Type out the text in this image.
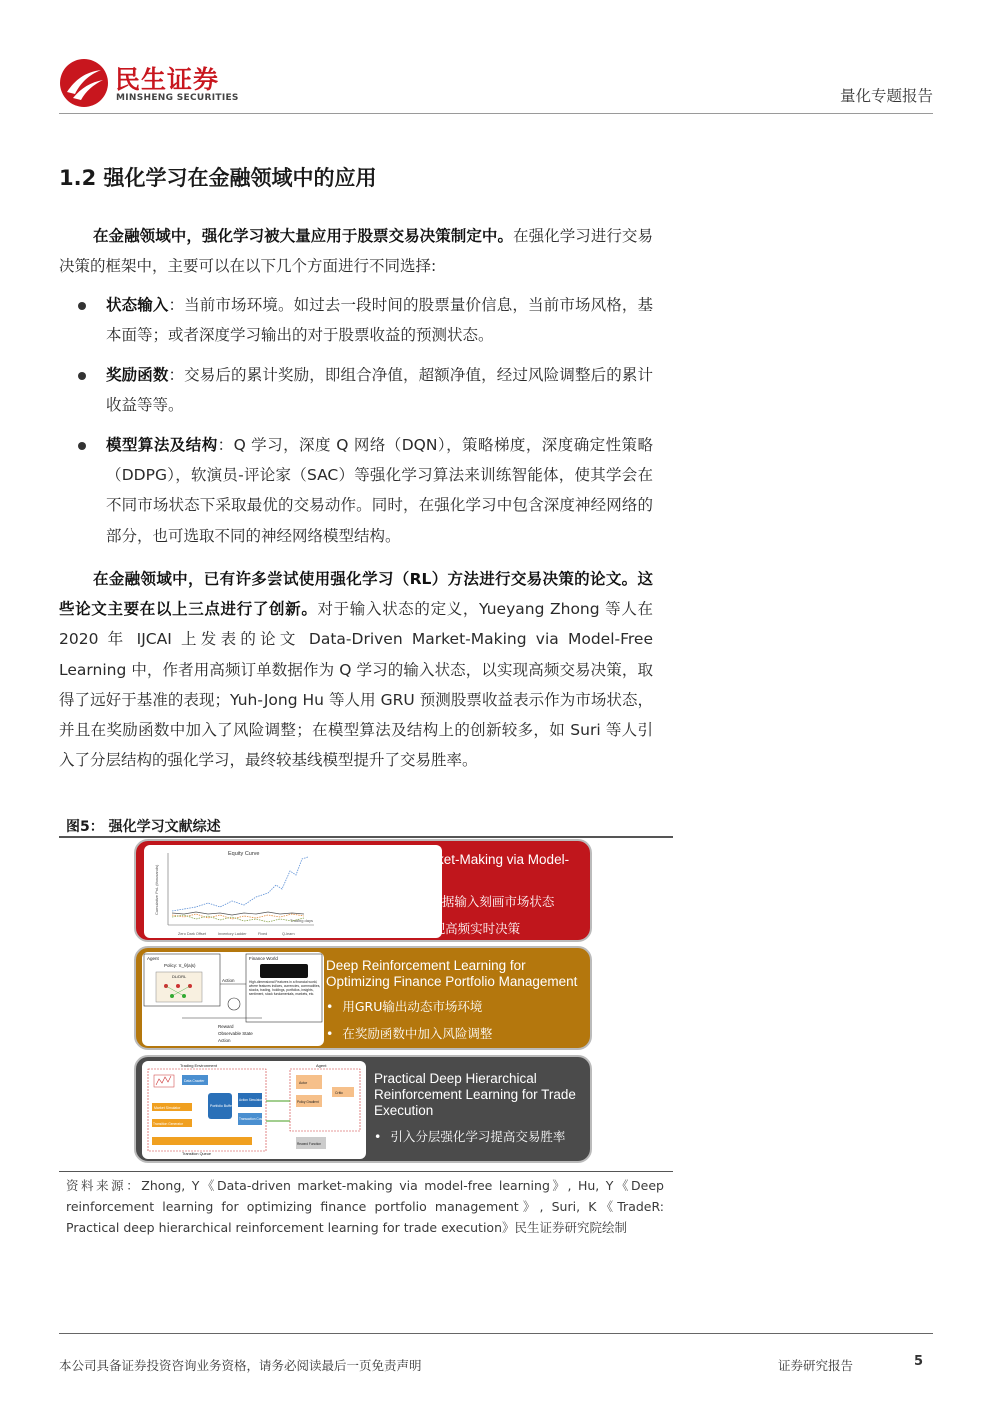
民生证券
MINSHENG SECURITIES	量化专题报告
1.2 强化学习在金融领域中的应用

在金融领域中，强化学习被大量应用于股票交易决策制定中。在强化学习进行交易决策的框架中，主要可以在以下几个方面进行不同选择:

状态输入：当前市场环境。如过去一段时间的股票量价信息，当前市场风格，基本面等；或者深度学习输出的对于股票收益的预测状态。

奖励函数：交易后的累计奖励，即组合净值，超额净值，经过风险调整后的累计收益等等。

模型算法及结构：Q 学习，深度 Q 网络（DQN），策略梯度，深度确定性策略（DDPG），软演员-评论家（SAC）等强化学习算法来训练智能体，使其学会在不同市场状态下采取最优的交易动作。同时，在强化学习中包含深度神经网络的部分，也可选取不同的神经网络模型结构。

在金融领域中，已有许多尝试使用强化学习（RL）方法进行交易决策的论文。这些论文主要在以上三点进行了创新。对于输入状态的定义，Yueyang Zhong 等人在 2020 年 IJCAI 上发表的论文 Data-Driven Market-Making via Model-Free Learning 中，作者用高频订单数据作为 Q 学习的输入状态，以实现高频交易决策，取得了远好于基准的表现；Yuh-Jong Hu 等人用 GRU 预测股票收益表示作为市场状态，并且在奖励函数中加入了风险调整；在模型算法及结构上的创新较多，如 Suri 等人引入了分层结构的强化学习，最终较基线模型提升了交易胜率。

图5： 强化学习文献综述
Equity Curve
Cumulative PnL (thousands)
Trading days
Zero Dark Offset	Inventory Ladder	Fixed	Q-learn
Data-Driven Market-Making via Model-Free Learning
• 用订单薄作为数据输入刻画市场状态
• Q-learning实现高频实时决策
Agent
Policy: π_θ(a|s)
DL/DRL
Finance World
High-dimensional Features in a financial world, where features indices, currencies, commodities, stocks, trading, holdings, portfolios, insights, sentiment, stock fundamentals, markets, etc.
Action
Reward
Observable State
Action
Deep Reinforcement Learning for Optimizing Finance Portfolio Management
• 用GRU输出动态市场环境
• 在奖励函数中加入风险调整
Trading Environment
Data Crawler
Market Simulator	Portfolio Buffer
Action Simulator
Transaction Cost
Transition Generator
Transition Queue
Agent
Actor
Critic
Policy Gradient
Reward Function
Practical Deep Hierarchical Reinforcement Learning for Trade Execution
• 引入分层强化学习提高交易胜率
资料来源：Zhong, Y《Data-driven market-making via model-free learning》, Hu, Y《Deep reinforcement learning for optimizing finance portfolio management》, Suri, K《TradeR: Practical deep hierarchical reinforcement learning for trade execution》民生证券研究院绘制
本公司具备证券投资咨询业务资格，请务必阅读最后一页免责声明	证券研究报告	5
